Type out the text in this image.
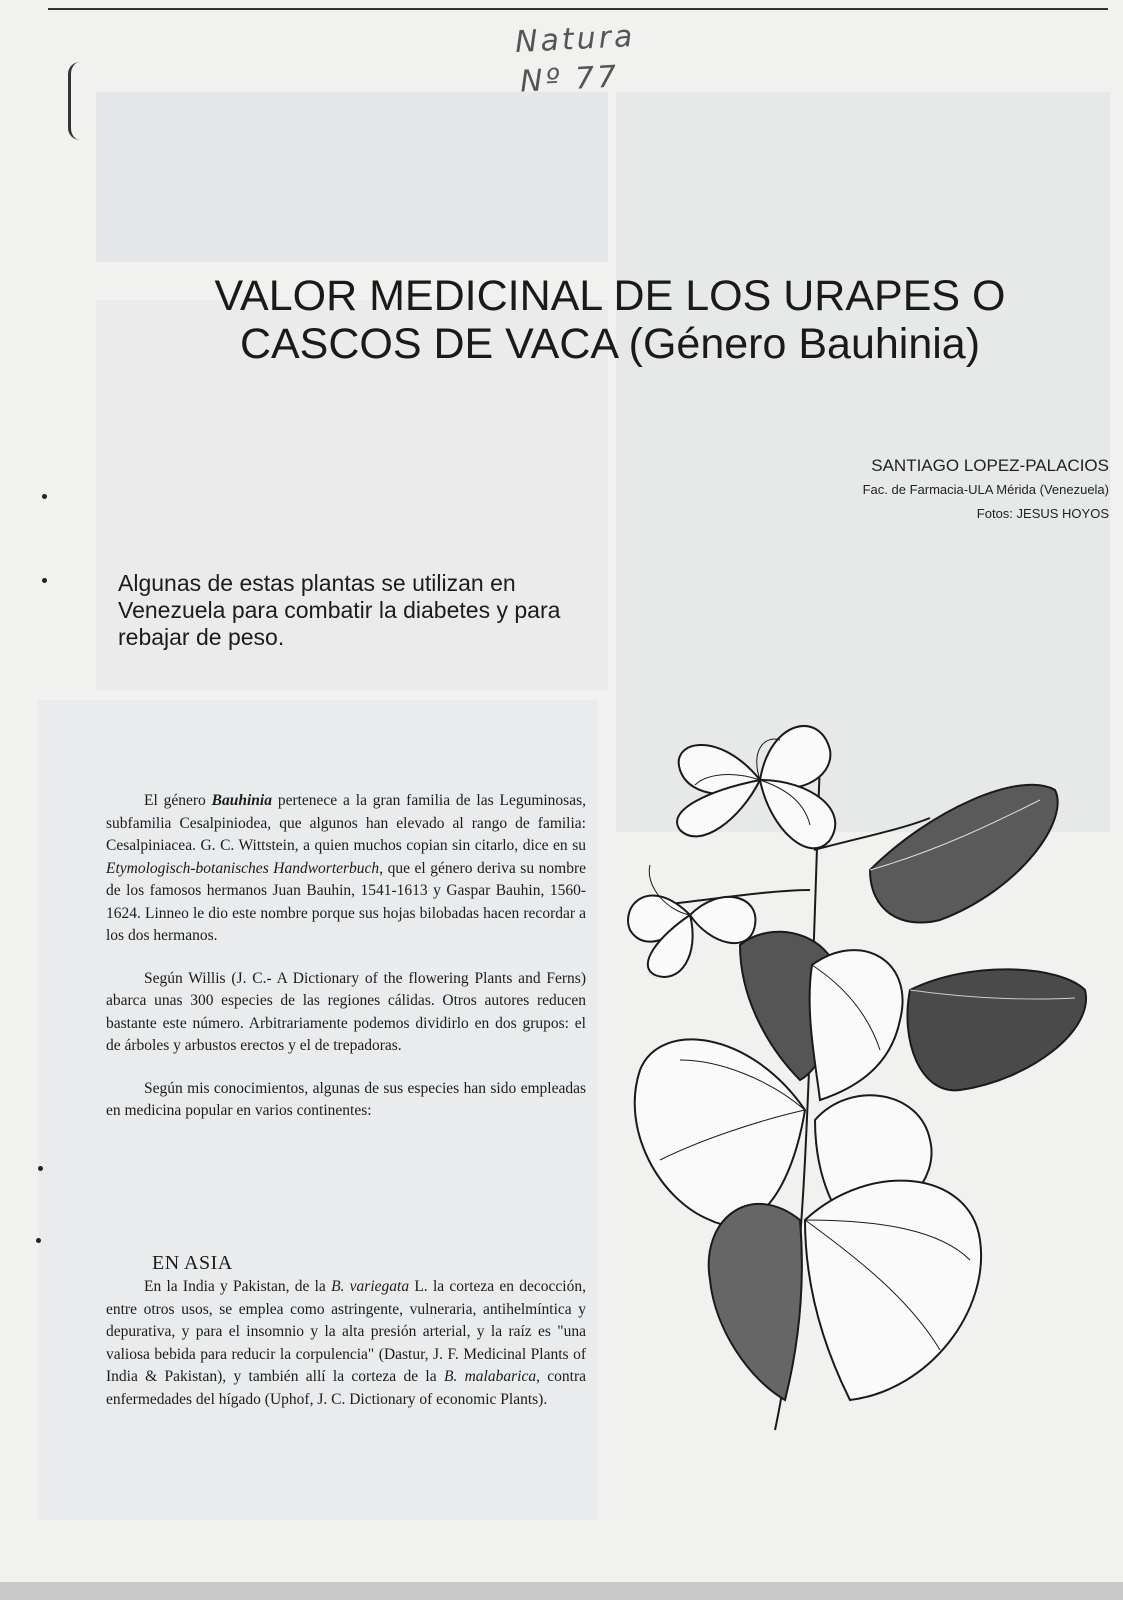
Natura
Nº 77
VALOR MEDICINAL DE LOS URAPES O
CASCOS DE VACA (Género Bauhinia)
SANTIAGO LOPEZ-PALACIOS
Fac. de Farmacia-ULA Mérida (Venezuela)
Fotos: JESUS HOYOS

Algunas de estas plantas se utilizan en Venezuela para combatir la diabetes y para rebajar de peso.

El género Bauhinia pertenece a la gran familia de las Leguminosas, subfamilia Cesalpiniodea, que algunos han elevado al rango de familia: Cesalpiniacea. G. C. Wittstein, a quien muchos copian sin citarlo, dice en su Etymologisch-botanisches Handworterbuch, que el género deriva su nombre de los famosos hermanos Juan Bauhin, 1541-1613 y Gaspar Bauhin, 1560-1624. Linneo le dio este nombre porque sus hojas bilobadas hacen recordar a los dos hermanos.

Según Willis (J. C.- A Dictionary of the flowering Plants and Ferns) abarca unas 300 especies de las regiones cálidas. Otros autores reducen bastante este número. Arbitrariamente podemos dividirlo en dos grupos: el de árboles y arbustos erectos y el de trepadoras.

Según mis conocimientos, algunas de sus especies han sido empleadas en medicina popular en varios continentes:

EN ASIA

En la India y Pakistan, de la B. variegata L. la corteza en decocción, entre otros usos, se emplea como astringente, vulneraria, antihelmíntica y depurativa, y para el insomnio y la alta presión arterial, y la raíz es "una valiosa bebida para reducir la corpulencia" (Dastur, J. F. Medicinal Plants of India & Pakistan), y también allí la corteza de la B. malabarica, contra enfermedades del hígado (Uphof, J. C. Dictionary of economic Plants).
